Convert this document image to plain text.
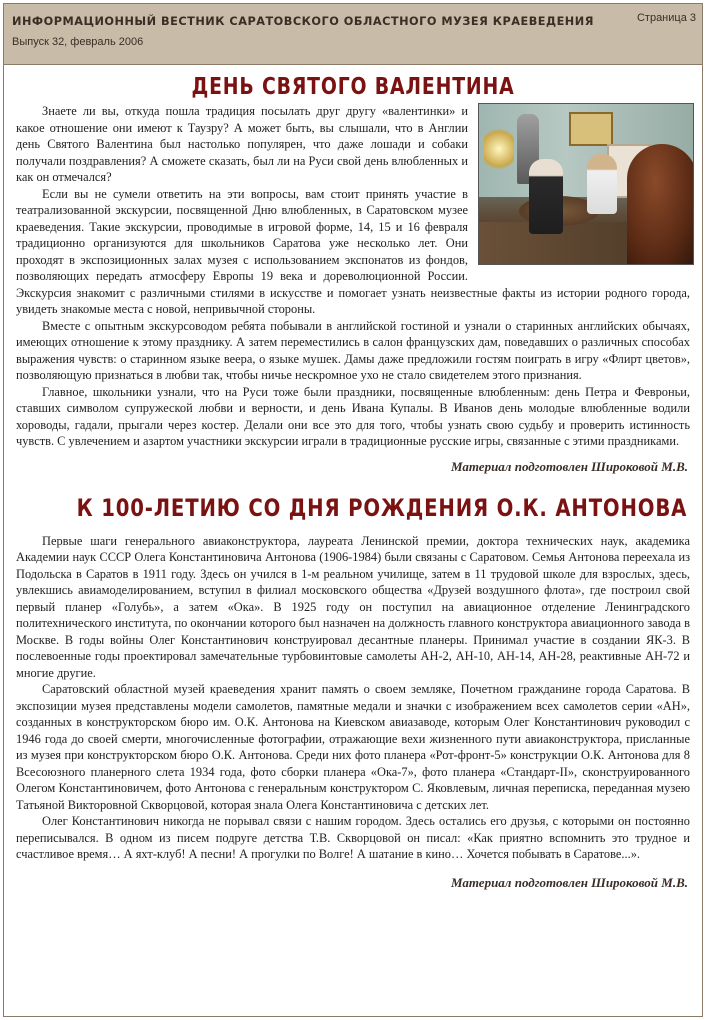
ИНФОРМАЦИОННЫЙ ВЕСТНИК САРАТОВСКОГО ОБЛАСТНОГО МУЗЕЯ КРАЕВЕДЕНИЯ
Выпуск 32, февраль 2006
Страница 3
ДЕНЬ СВЯТОГО ВАЛЕНТИНА

Знаете ли вы, откуда пошла традиция посылать друг другу «валентинки» и какое отношение они имеют к Таузру? А может быть, вы слышали, что в Англии день Святого Валентина был настолько популярен, что даже лошади и собаки получали поздравления? А сможете сказать, был ли на Руси свой день влюбленных и как он отмечался?

Если вы не сумели ответить на эти вопросы, вам стоит принять участие в театрализованной экскурсии, посвященной Дню влюбленных, в Саратовском музее краеведения. Такие экскурсии, проводимые в игровой форме, 14, 15 и 16 февраля традиционно организуются для школьников Саратова уже несколько лет. Они проходят в экспозиционных залах музея с использованием экспонатов из фондов, позволяющих передать атмосферу Европы 19 века и дореволюционной России. Экскурсия знакомит с различными стилями в искусстве и помогает узнать неизвестные факты из истории родного города, увидеть знакомые места с новой, непривычной стороны.

Вместе с опытным экскурсоводом ребята побывали в английской гостиной и узнали о старинных английских обычаях, имеющих отношение к этому празднику. А затем переместились в салон французских дам, поведавших о различных способах выражения чувств: о старинном языке веера, о языке мушек. Дамы даже предложили гостям поиграть в игру «Флирт цветов», позволяющую признаться в любви так, чтобы ничье нескромное ухо не стало свидетелем этого признания.

Главное, школьники узнали, что на Руси тоже были праздники, посвященные влюбленным: день Петра и Февроньи, ставших символом супружеской любви и верности, и день Ивана Купалы. В Иванов день молодые влюбленные водили хороводы, гадали, прыгали через костер. Делали они все это для того, чтобы узнать свою судьбу и проверить истинность чувств. С увлечением и азартом участники экскурсии играли в традиционные русские игры, связанные с этими праздниками.

Материал подготовлен Широковой М.В.

К 100-ЛЕТИЮ СО ДНЯ РОЖДЕНИЯ О.К. АНТОНОВА

Первые шаги генерального авиаконструктора, лауреата Ленинской премии, доктора технических наук, академика Академии наук СССР Олега Константиновича Антонова (1906-1984) были связаны с Саратовом. Семья Антонова переехала из Подольска в Саратов в 1911 году. Здесь он учился в 1-м реальном училище, затем в 11 трудовой школе для взрослых, здесь, увлекшись авиамоделированием, вступил в филиал московского общества «Друзей воздушного флота», где построил свой первый планер «Голубь», а затем «Ока». В 1925 году он поступил на авиационное отделение Ленинградского политехнического института, по окончании которого был назначен на должность главного конструктора авиационного завода в Москве. В годы войны Олег Константинович конструировал десантные планеры. Принимал участие в создании ЯК-3. В послевоенные годы проектировал замечательные турбовинтовые самолеты АН-2, АН-10, АН-14, АН-28, реактивные АН-72 и многие другие.

Саратовский областной музей краеведения хранит память о своем земляке, Почетном гражданине города Саратова. В экспозиции музея представлены модели самолетов, памятные медали и значки с изображением всех самолетов серии «АН», созданных в конструкторском бюро им. О.К. Антонова на Киевском авиазаводе, которым Олег Константинович руководил с 1946 года до своей смерти, многочисленные фотографии, отражающие вехи жизненного пути авиаконструктора, присланные из музея при конструкторском бюро О.К. Антонова. Среди них фото планера «Рот-фронт-5» конструкции О.К. Антонова для 8 Всесоюзного планерного слета 1934 года, фото сборки планера «Ока-7», фото планера «Стандарт-II», сконструированного Олегом Константиновичем, фото Антонова с генеральным конструктором С. Яковлевым, личная переписка, переданная музею Татьяной Викторовной Скворцовой, которая знала Олега Константиновича с детских лет.

Олег Константинович никогда не порывал связи с нашим городом. Здесь остались его друзья, с которыми он постоянно переписывался. В одном из писем подруге детства Т.В. Скворцовой он писал: «Как приятно вспомнить это трудное и счастливое время… А яхт-клуб! А песни! А прогулки по Волге! А шатание в кино… Хочется побывать в Саратове...».

Материал подготовлен Широковой М.В.
